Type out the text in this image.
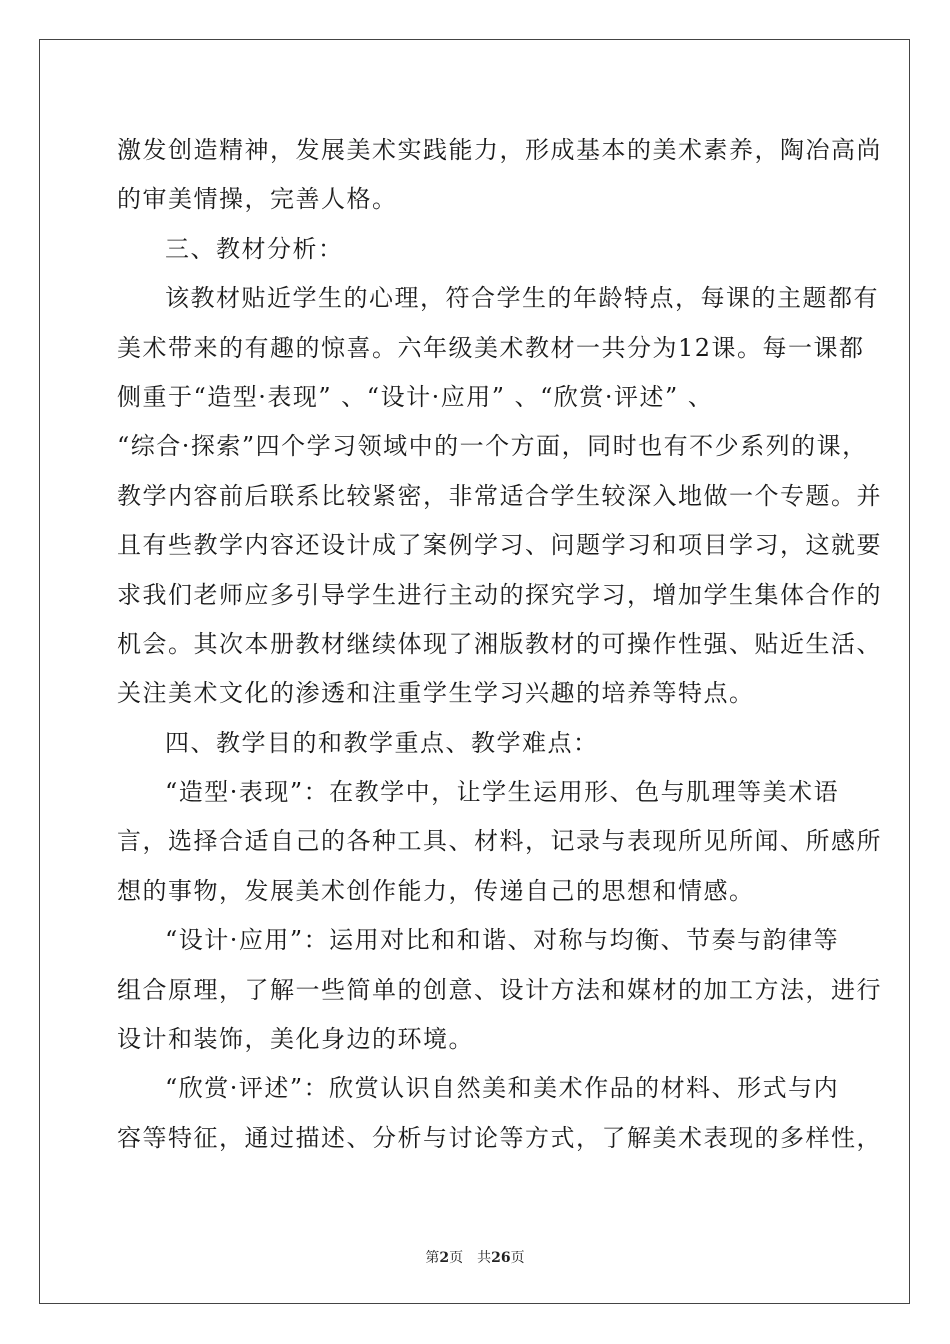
激发创造精神，发展美术实践能力，形成基本的美术素养，陶冶高尚
的审美情操，完善人格。
三、教材分析：
该教材贴近学生的心理，符合学生的年龄特点，每课的主题都有
美术带来的有趣的惊喜。六年级美术教材一共分为12课。每一课都
侧重于“造型·表现” 、“设计·应用” 、“欣赏·评述” 、
“综合·探索”四个学习领域中的一个方面，同时也有不少系列的课，
教学内容前后联系比较紧密，非常适合学生较深入地做一个专题。并
且有些教学内容还设计成了案例学习、问题学习和项目学习，这就要
求我们老师应多引导学生进行主动的探究学习，增加学生集体合作的
机会。其次本册教材继续体现了湘版教材的可操作性强、贴近生活、
关注美术文化的渗透和注重学生学习兴趣的培养等特点。
四、教学目的和教学重点、教学难点：
“造型·表现”：在教学中，让学生运用形、色与肌理等美术语
言，选择合适自己的各种工具、材料，记录与表现所见所闻、所感所
想的事物，发展美术创作能力，传递自己的思想和情感。
“设计·应用”：运用对比和和谐、对称与均衡、节奏与韵律等
组合原理，了解一些简单的创意、设计方法和媒材的加工方法，进行
设计和装饰，美化身边的环境。
“欣赏·评述”：欣赏认识自然美和美术作品的材料、形式与内
容等特征，通过描述、分析与讨论等方式，了解美术表现的多样性，
第2页 共26页
